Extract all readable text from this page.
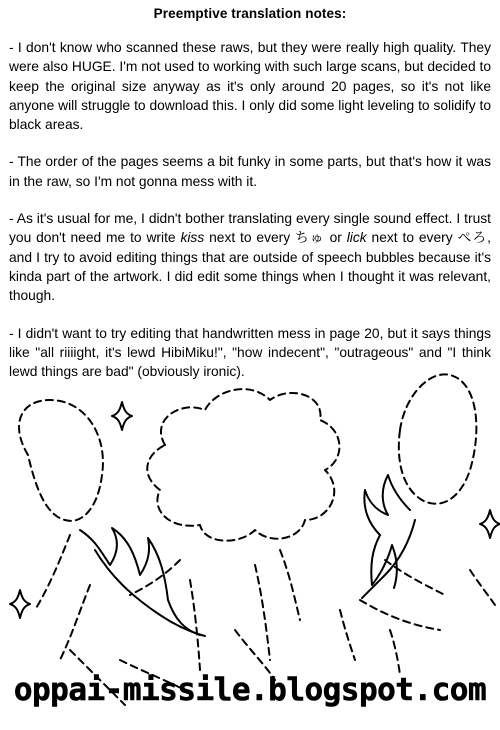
Preemptive translation notes:

- I don't know who scanned these raws, but they were really high quality. They were also HUGE. I'm not used to working with such large scans, but decided to keep the original size anyway as it's only around 20 pages, so it's not like anyone will struggle to download this. I only did some light leveling to solidify to black areas.

- The order of the pages seems a bit funky in some parts, but that's how it was in the raw, so I'm not gonna mess with it.

- As it's usual for me, I didn't bother translating every single sound effect. I trust you don't need me to write kiss next to every ちゅ or lick next to every ぺろ, and I try to avoid editing things that are outside of speech bubbles because it's kinda part of the artwork. I did edit some things when I thought it was relevant, though.

- I didn't want to try editing that handwritten mess in page 20, but it says things like "all riiiight, it's lewd HibiMiku!", "how indecent", "outrageous" and "I think lewd things are bad" (obviously ironic).

oppai-missile.blogspot.com
